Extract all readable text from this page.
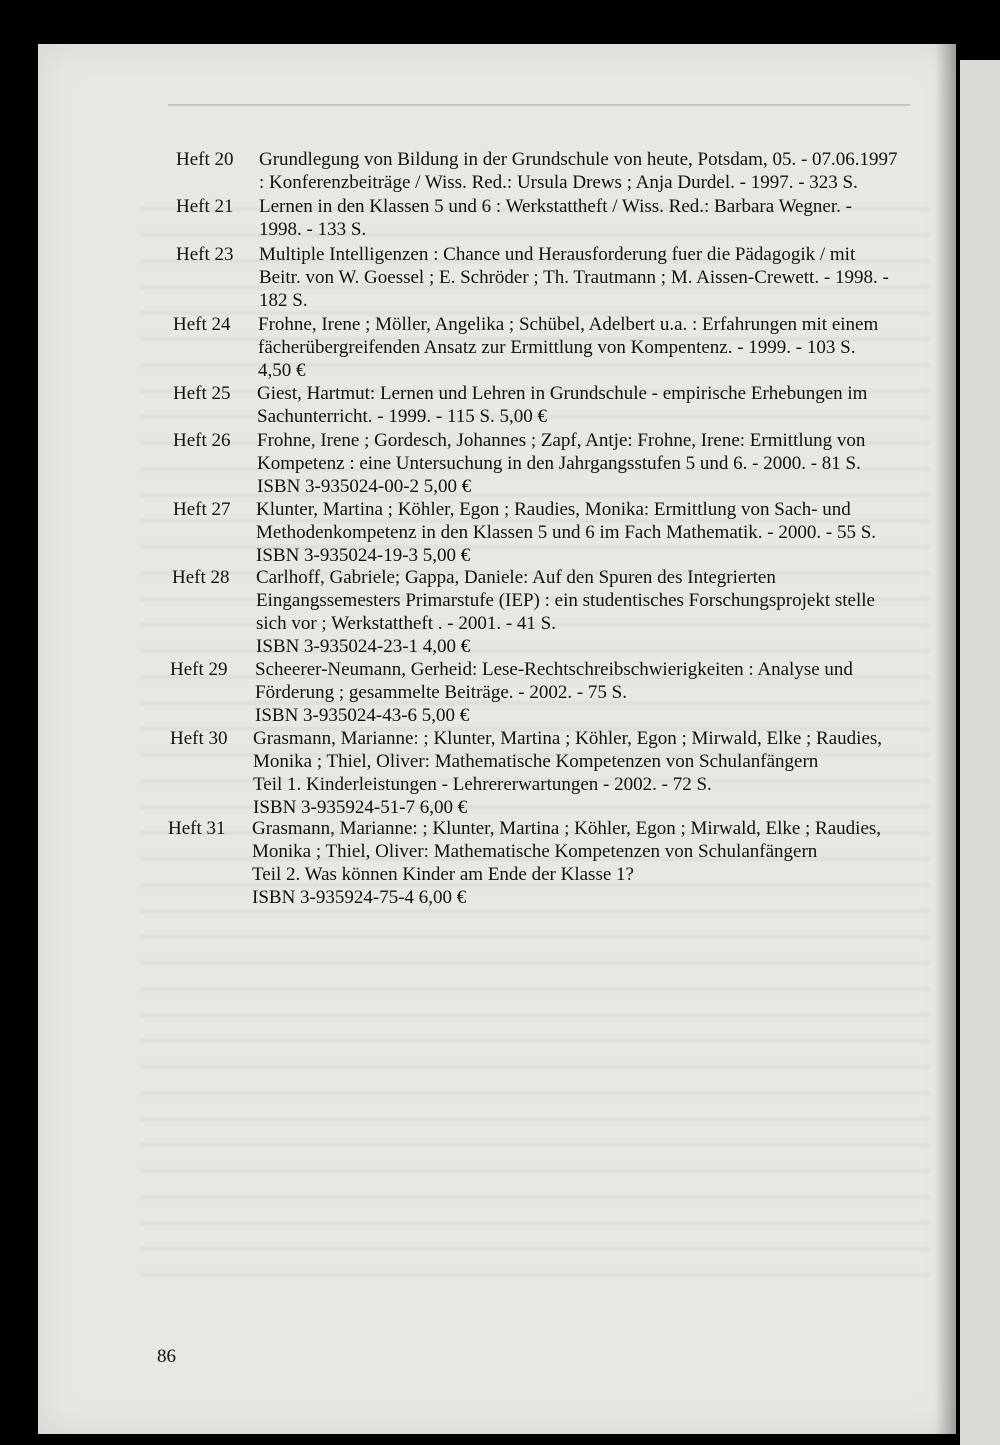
Heft 20 Grundlegung von Bildung in der Grundschule von heute, Potsdam, 05. - 07.06.1997
: Konferenzbeiträge / Wiss. Red.: Ursula Drews ; Anja Durdel. - 1997. - 323 S.
Heft 21 Lernen in den Klassen 5 und 6 : Werkstattheft / Wiss. Red.: Barbara Wegner. -
1998. - 133 S.
Heft 23 Multiple Intelligenzen : Chance und Herausforderung fuer die Pädagogik / mit
Beitr. von W. Goessel ; E. Schröder ; Th. Trautmann ; M. Aissen-Crewett. - 1998. -
182 S.
Heft 24 Frohne, Irene ; Möller, Angelika ; Schübel, Adelbert u.a. : Erfahrungen mit einem
fächerübergreifenden Ansatz zur Ermittlung von Kompentenz. - 1999. - 103 S.
4,50 €
Heft 25 Giest, Hartmut: Lernen und Lehren in Grundschule - empirische Erhebungen im
Sachunterricht. - 1999. - 115 S. 5,00 €
Heft 26 Frohne, Irene ; Gordesch, Johannes ; Zapf, Antje: Frohne, Irene: Ermittlung von
Kompetenz : eine Untersuchung in den Jahrgangsstufen 5 und 6. - 2000. - 81 S.
ISBN 3-935024-00-2 5,00 €
Heft 27 Klunter, Martina ; Köhler, Egon ; Raudies, Monika: Ermittlung von Sach- und
Methodenkompetenz in den Klassen 5 und 6 im Fach Mathematik. - 2000. - 55 S.
ISBN 3-935024-19-3 5,00 €
Heft 28 Carlhoff, Gabriele; Gappa, Daniele: Auf den Spuren des Integrierten
Eingangssemesters Primarstufe (IEP) : ein studentisches Forschungsprojekt stelle
sich vor ; Werkstattheft . - 2001. - 41 S.
ISBN 3-935024-23-1 4,00 €
Heft 29 Scheerer-Neumann, Gerheid: Lese-Rechtschreibschwierigkeiten : Analyse und
Förderung ; gesammelte Beiträge. - 2002. - 75 S.
ISBN 3-935024-43-6 5,00 €
Heft 30 Grasmann, Marianne: ; Klunter, Martina ; Köhler, Egon ; Mirwald, Elke ; Raudies,
Monika ; Thiel, Oliver: Mathematische Kompetenzen von Schulanfängern
Teil 1. Kinderleistungen - Lehrererwartungen - 2002. - 72 S.
ISBN 3-935924-51-7 6,00 €
Heft 31 Grasmann, Marianne: ; Klunter, Martina ; Köhler, Egon ; Mirwald, Elke ; Raudies,
Monika ; Thiel, Oliver: Mathematische Kompetenzen von Schulanfängern
Teil 2. Was können Kinder am Ende der Klasse 1?
ISBN 3-935924-75-4 6,00 €
86
